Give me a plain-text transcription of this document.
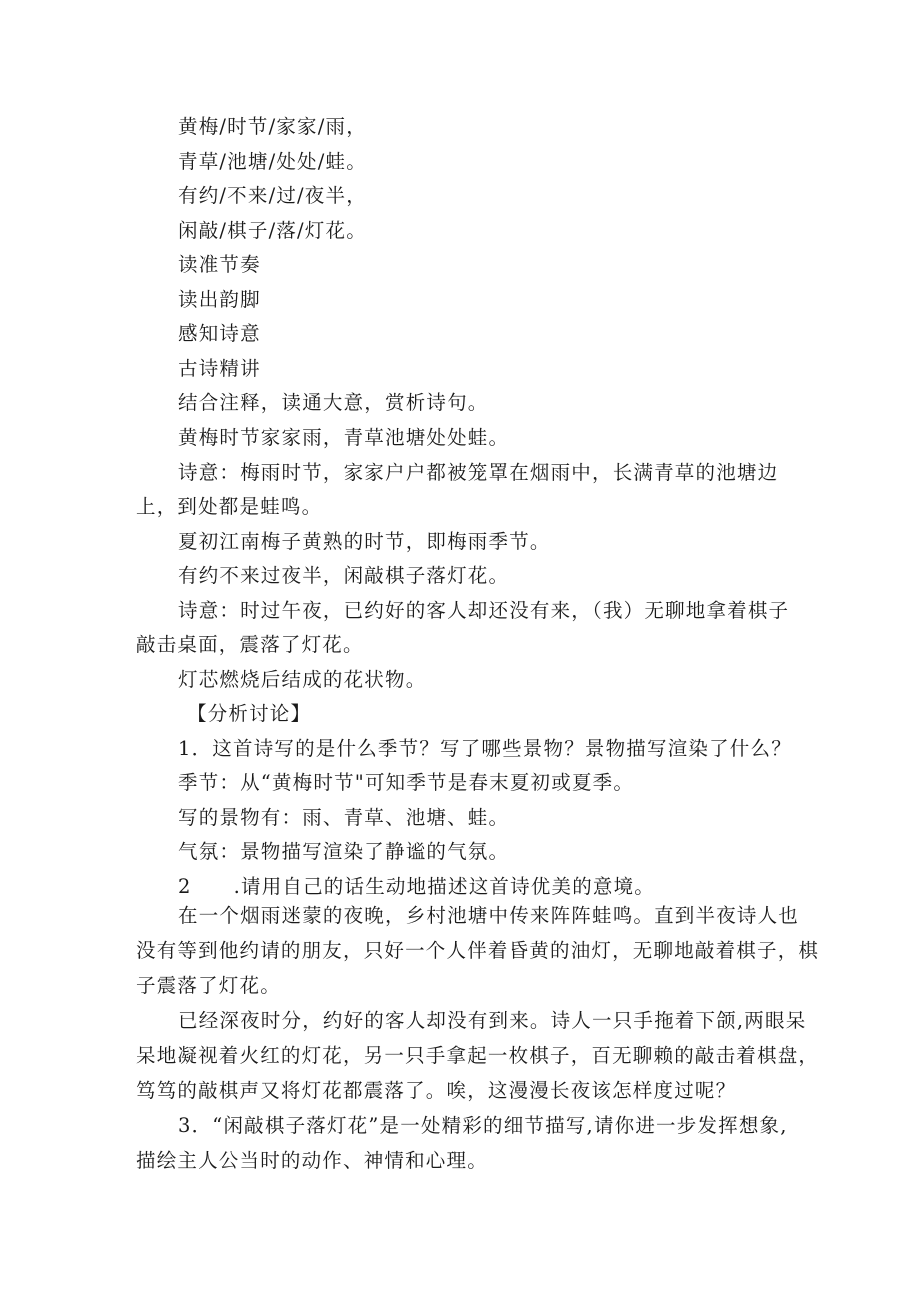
黄梅/时节/家家/雨，
青草/池塘/处处/蛙。
有约/不来/过/夜半，
闲敲/棋子/落/灯花。
读准节奏
读出韵脚
感知诗意
古诗精讲
结合注释，读通大意，赏析诗句。
黄梅时节家家雨，青草池塘处处蛙。
诗意：梅雨时节，家家户户都被笼罩在烟雨中，长满青草的池塘边
上，到处都是蛙鸣。
夏初江南梅子黄熟的时节，即梅雨季节。
有约不来过夜半，闲敲棋子落灯花。
诗意：时过午夜，已约好的客人却还没有来，（我）无聊地拿着棋子
敲击桌面，震落了灯花。
灯芯燃烧后结成的花状物。
【分析讨论】
1．这首诗写的是什么季节？写了哪些景物？景物描写渲染了什么？
季节：从“黄梅时节"可知季节是春末夏初或夏季。
写的景物有：雨、青草、池塘、蛙。
气氛：景物描写渲染了静谧的气氛。
2 .请用自己的话生动地描述这首诗优美的意境。
在一个烟雨迷蒙的夜晚，乡村池塘中传来阵阵蛙鸣。直到半夜诗人也
没有等到他约请的朋友，只好一个人伴着昏黄的油灯，无聊地敲着棋子，棋
子震落了灯花。
已经深夜时分，约好的客人却没有到来。诗人一只手拖着下颌,两眼呆
呆地凝视着火红的灯花，另一只手拿起一枚棋子，百无聊赖的敲击着棋盘，
笃笃的敲棋声又将灯花都震落了。唉，这漫漫长夜该怎样度过呢？
3．“闲敲棋子落灯花”是一处精彩的细节描写,请你进一步发挥想象,
描绘主人公当时的动作、神情和心理。
